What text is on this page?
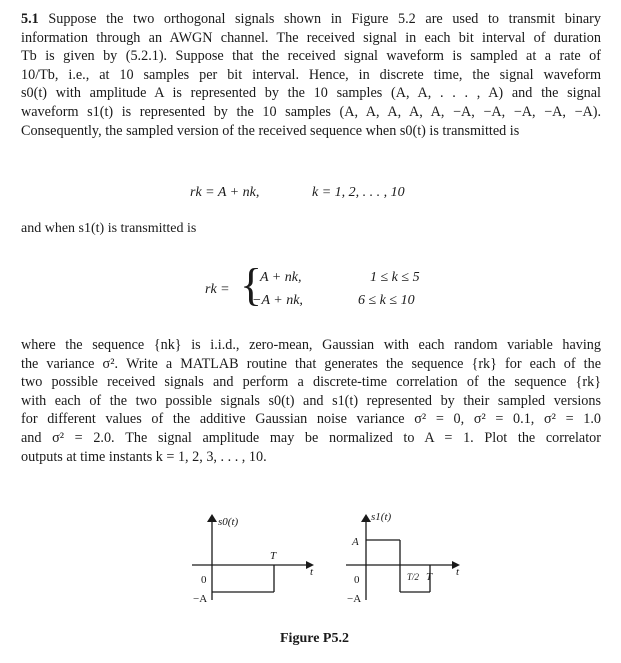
5.1 Suppose the two orthogonal signals shown in Figure 5.2 are used to transmit binary
information through an AWGN channel. The received signal in each bit interval of duration
Tb is given by (5.2.1). Suppose that the received signal waveform is sampled at a rate of
10/Tb, i.e., at 10 samples per bit interval. Hence, in discrete time, the signal waveform
s0(t) with amplitude A is represented by the 10 samples (A, A, . . . , A) and the signal
waveform s1(t) is represented by the 10 samples (A, A, A, A, A, −A, −A, −A, −A, −A).
Consequently, the sampled version of the received sequence when s0(t) is transmitted is
rk = A + nk,	k = 1, 2, . . . , 10
and when s1(t) is transmitted is
rk = {
A + nk,	1 ≤ k ≤ 5
−A + nk,	6 ≤ k ≤ 10
where the sequence {nk} is i.i.d., zero-mean, Gaussian with each random variable having
the variance σ². Write a MATLAB routine that generates the sequence {rk} for each of the
two possible received signals and perform a discrete-time correlation of the sequence {rk}
with each of the two possible signals s0(t) and s1(t) represented by their sampled versions
for different values of the additive Gaussian noise variance σ² = 0, σ² = 0.1, σ² = 1.0
and σ² = 2.0. The signal amplitude may be normalized to A = 1. Plot the correlator
outputs at time instants k = 1, 2, 3, . . . , 10.
s0(t)
T
t
0
−A
s1(t)
A
T/2 T t
0
−A
Figure P5.2
